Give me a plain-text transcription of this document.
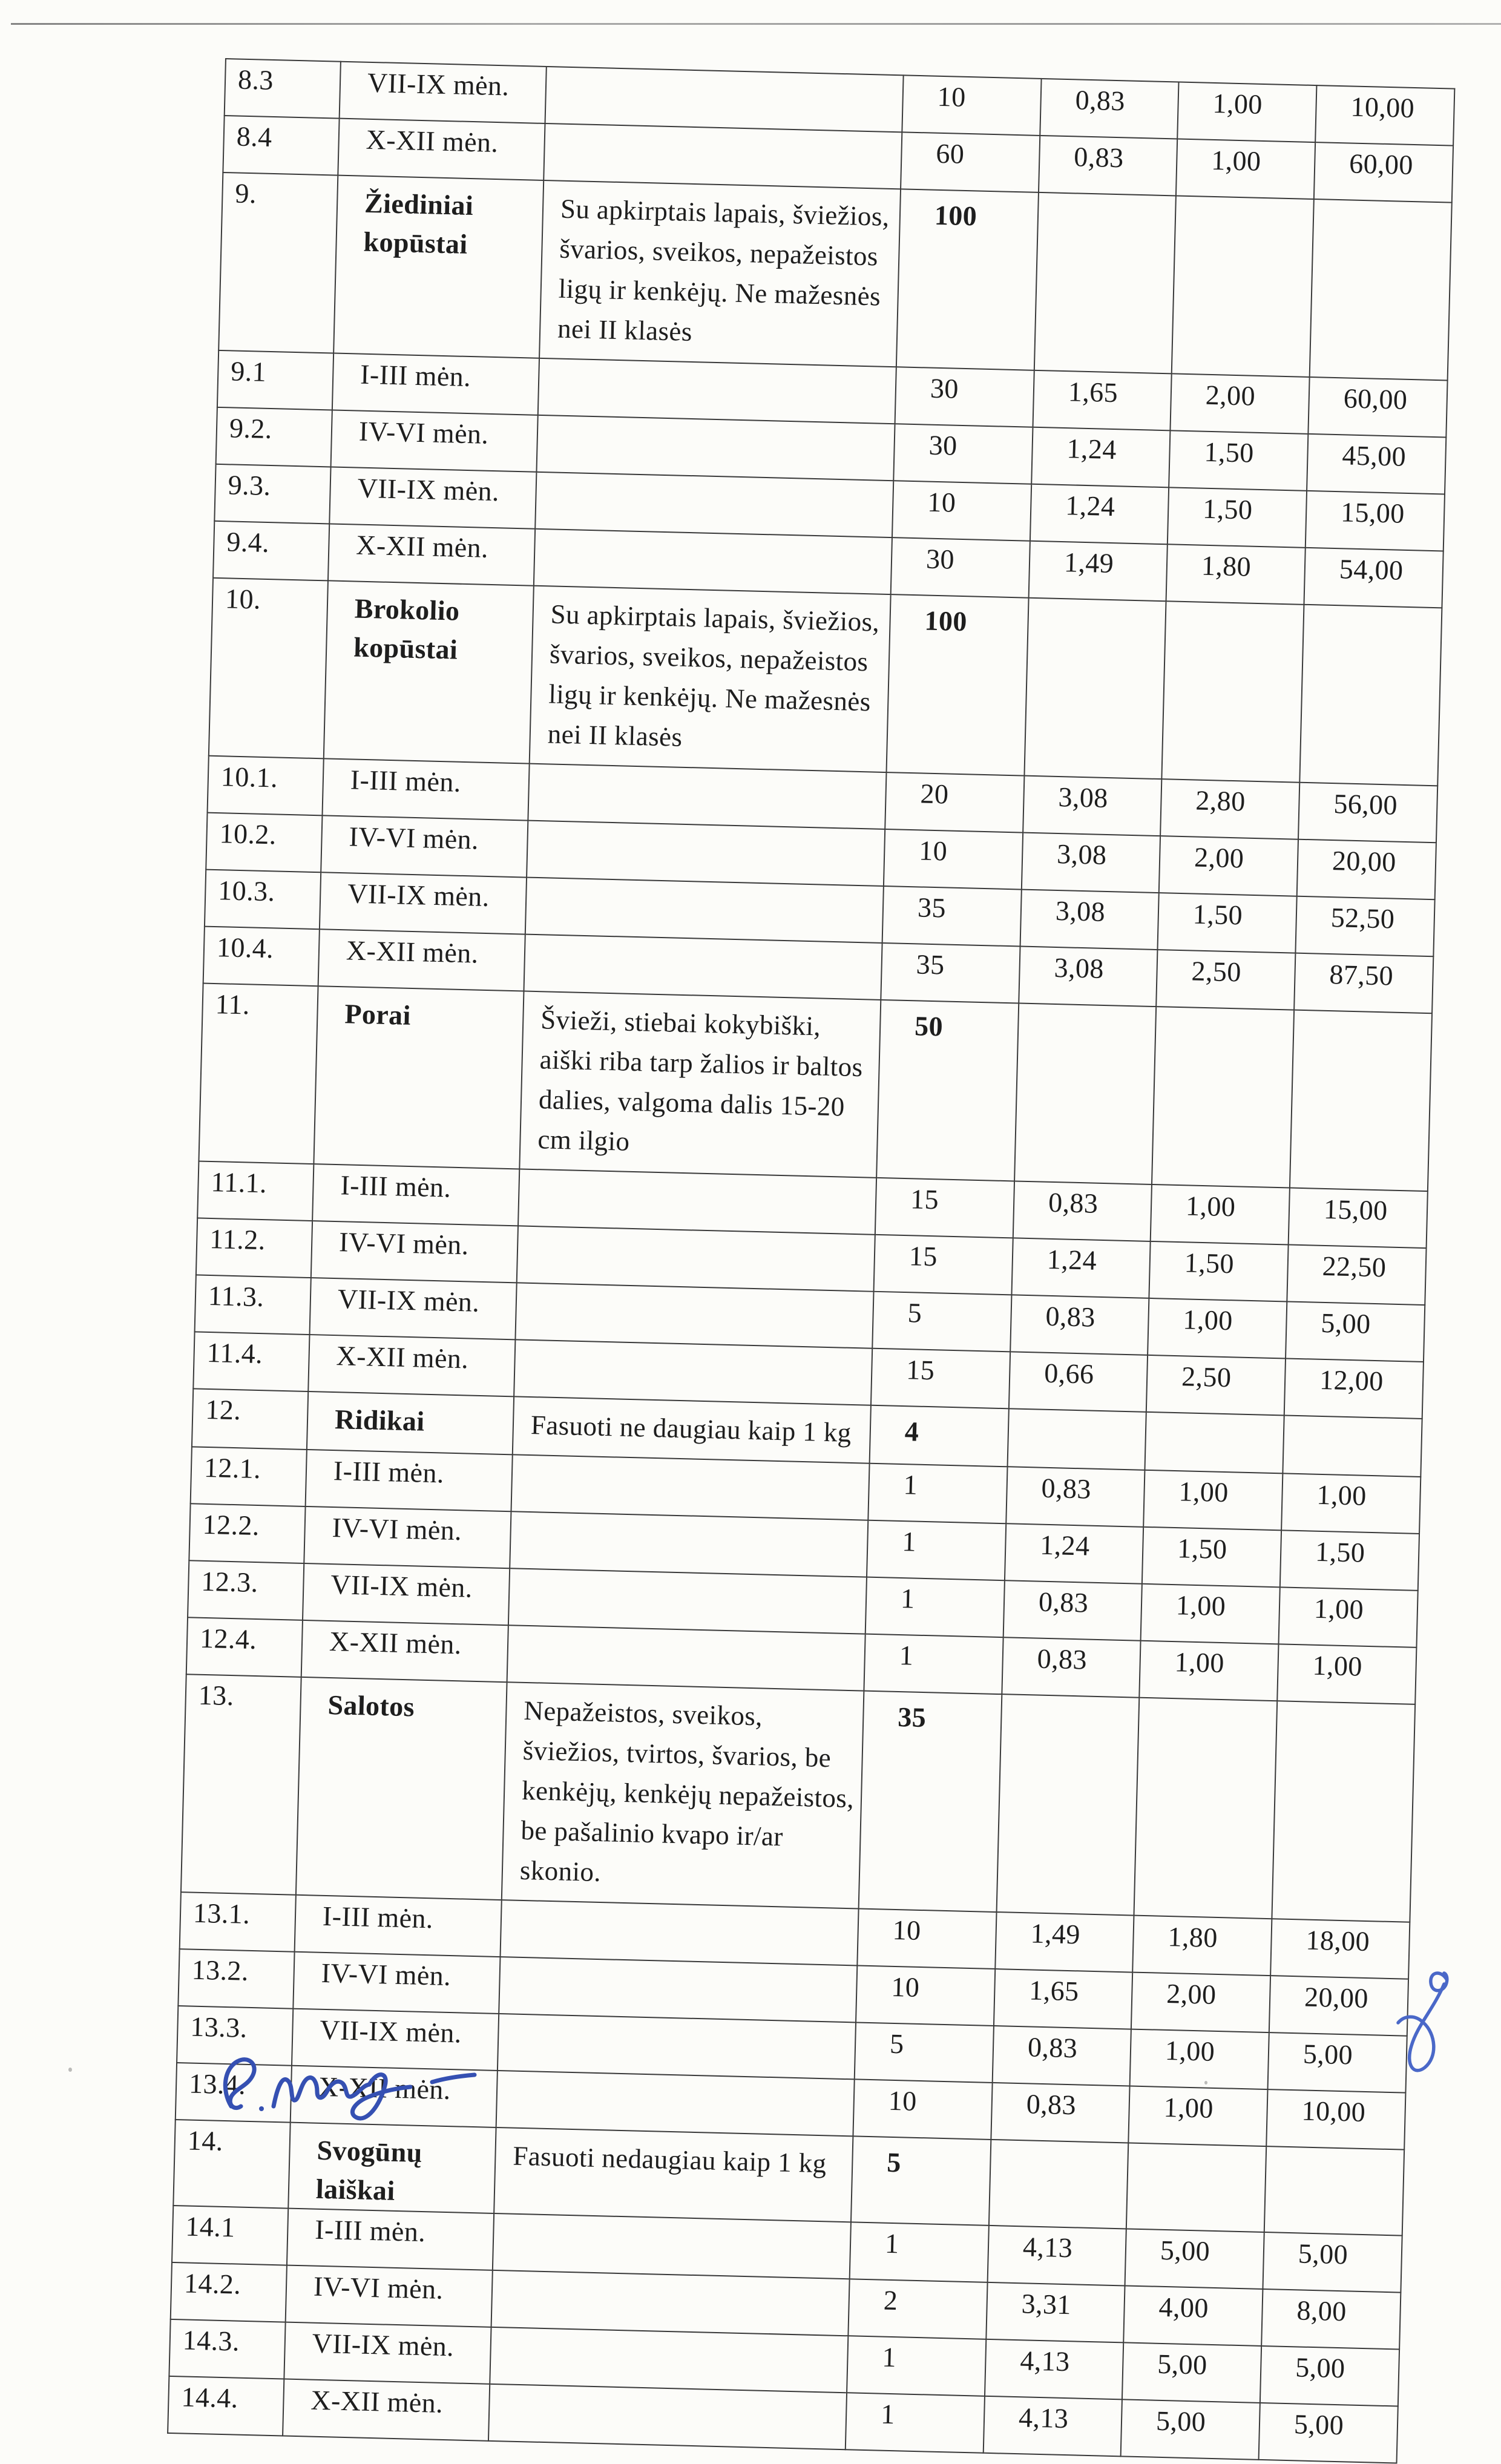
8.3	VII-IX mėn.		10	0,83	1,00	10,00
8.4	X-XII mėn.		60	0,83	1,00	60,00
9.	Žiediniai kopūstai	Su apkirptais lapais, šviežios, švarios, sveikos, nepažeistos ligų ir kenkėjų. Ne mažesnės nei II klasės	100			
9.1	I-III mėn.		30	1,65	2,00	60,00
9.2.	IV-VI mėn.		30	1,24	1,50	45,00
9.3.	VII-IX mėn.		10	1,24	1,50	15,00
9.4.	X-XII mėn.		30	1,49	1,80	54,00
10.	Brokolio kopūstai	Su apkirptais lapais, šviežios, švarios, sveikos, nepažeistos ligų ir kenkėjų. Ne mažesnės nei II klasės	100			
10.1.	I-III mėn.		20	3,08	2,80	56,00
10.2.	IV-VI mėn.		10	3,08	2,00	20,00
10.3.	VII-IX mėn.		35	3,08	1,50	52,50
10.4.	X-XII mėn.		35	3,08	2,50	87,50
11.	Porai	Švieži, stiebai kokybiški, aiški riba tarp žalios ir baltos dalies, valgoma dalis 15-20 cm ilgio	50			
11.1.	I-III mėn.		15	0,83	1,00	15,00
11.2.	IV-VI mėn.		15	1,24	1,50	22,50
11.3.	VII-IX mėn.		5	0,83	1,00	5,00
11.4.	X-XII mėn.		15	0,66	2,50	12,00
12.	Ridikai	Fasuoti ne daugiau kaip 1 kg	4			
12.1.	I-III mėn.		1	0,83	1,00	1,00
12.2.	IV-VI mėn.		1	1,24	1,50	1,50
12.3.	VII-IX mėn.		1	0,83	1,00	1,00
12.4.	X-XII mėn.		1	0,83	1,00	1,00
13.	Salotos	Nepažeistos, sveikos, šviežios, tvirtos, švarios, be kenkėjų, kenkėjų nepažeistos, be pašalinio kvapo ir/ar skonio.	35			
13.1.	I-III mėn.		10	1,49	1,80	18,00
13.2.	IV-VI mėn.		10	1,65	2,00	20,00
13.3.	VII-IX mėn.		5	0,83	1,00	5,00
13.4.	X-XII mėn.		10	0,83	1,00	10,00
14.	Svogūnų laiškai	Fasuoti nedaugiau kaip 1 kg	5			
14.1	I-III mėn.		1	4,13	5,00	5,00
14.2.	IV-VI mėn.		2	3,31	4,00	8,00
14.3.	VII-IX mėn.		1	4,13	5,00	5,00
14.4.	X-XII mėn.		1	4,13	5,00	5,00
